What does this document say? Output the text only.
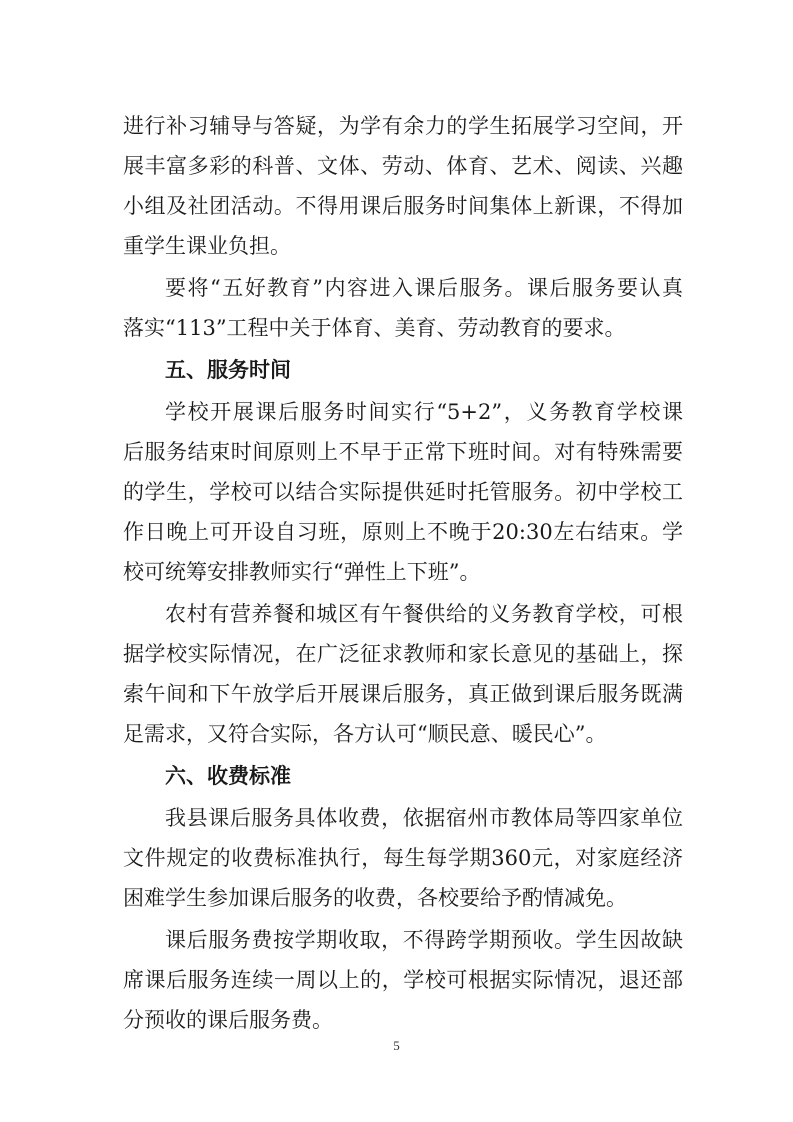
进行补习辅导与答疑，为学有余力的学生拓展学习空间，开
展丰富多彩的科普、文体、劳动、体育、艺术、阅读、兴趣
小组及社团活动。不得用课后服务时间集体上新课，不得加
重学生课业负担。
要将“五好教育”内容进入课后服务。课后服务要认真
落实“113”工程中关于体育、美育、劳动教育的要求。
五、服务时间
学校开展课后服务时间实行“5+2”，义务教育学校课
后服务结束时间原则上不早于正常下班时间。对有特殊需要
的学生，学校可以结合实际提供延时托管服务。初中学校工
作日晚上可开设自习班，原则上不晚于20:30左右结束。学
校可统筹安排教师实行“弹性上下班”。
农村有营养餐和城区有午餐供给的义务教育学校，可根
据学校实际情况，在广泛征求教师和家长意见的基础上，探
索午间和下午放学后开展课后服务，真正做到课后服务既满
足需求，又符合实际，各方认可“顺民意、暖民心”。
六、收费标准
我县课后服务具体收费，依据宿州市教体局等四家单位
文件规定的收费标准执行，每生每学期360元，对家庭经济
困难学生参加课后服务的收费，各校要给予酌情减免。
课后服务费按学期收取，不得跨学期预收。学生因故缺
席课后服务连续一周以上的，学校可根据实际情况，退还部
分预收的课后服务费。
5
